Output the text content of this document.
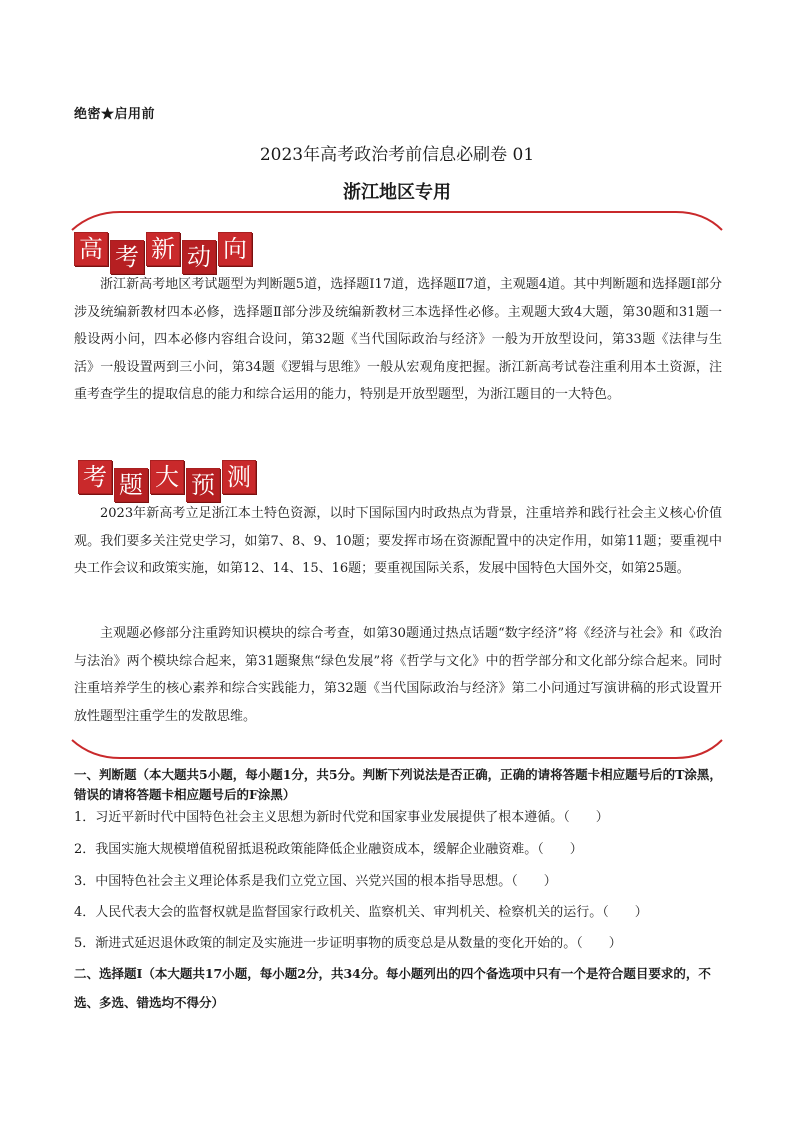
绝密★启用前
2023年高考政治考前信息必刷卷 01
浙江地区专用
高 考 新 动 向
浙江新高考地区考试题型为判断题5道，选择题Ⅰ17道，选择题Ⅱ7道，主观题4道。其中判断题和选择题Ⅰ部分涉及统编新教材四本必修，选择题Ⅱ部分涉及统编新教材三本选择性必修。主观题大致4大题，第30题和31题一般设两小问，四本必修内容组合设问，第32题《当代国际政治与经济》一般为开放型设问，第33题《法律与生活》一般设置两到三小问，第34题《逻辑与思维》一般从宏观角度把握。浙江新高考试卷注重利用本土资源，注重考查学生的提取信息的能力和综合运用的能力，特别是开放型题型，为浙江题目的一大特色。
考 题 大 预 测
2023年新高考立足浙江本土特色资源，以时下国际国内时政热点为背景，注重培养和践行社会主义核心价值观。我们要多关注党史学习，如第7、8、9、10题；要发挥市场在资源配置中的决定作用，如第11题；要重视中央工作会议和政策实施，如第12、14、15、16题；要重视国际关系，发展中国特色大国外交，如第25题。
主观题必修部分注重跨知识模块的综合考查，如第30题通过热点话题“数字经济”将《经济与社会》和《政治与法治》两个模块综合起来，第31题聚焦“绿色发展”将《哲学与文化》中的哲学部分和文化部分综合起来。同时注重培养学生的核心素养和综合实践能力，第32题《当代国际政治与经济》第二小问通过写演讲稿的形式设置开放性题型注重学生的发散思维。
一、判断题（本大题共5小题，每小题1分，共5分。判断下列说法是否正确，正确的请将答题卡相应题号后的T涂黑，错误的请将答题卡相应题号后的F涂黑）
1．习近平新时代中国特色社会主义思想为新时代党和国家事业发展提供了根本遵循。（　　）
2．我国实施大规模增值税留抵退税政策能降低企业融资成本，缓解企业融资难。（　　）
3．中国特色社会主义理论体系是我们立党立国、兴党兴国的根本指导思想。（　　）
4．人民代表大会的监督权就是监督国家行政机关、监察机关、审判机关、检察机关的运行。（　　）
5．渐进式延迟退休政策的制定及实施进一步证明事物的质变总是从数量的变化开始的。（　　）
二、选择题Ⅰ（本大题共17小题，每小题2分，共34分。每小题列出的四个备选项中只有一个是符合题目要求的，不选、多选、错选均不得分）
